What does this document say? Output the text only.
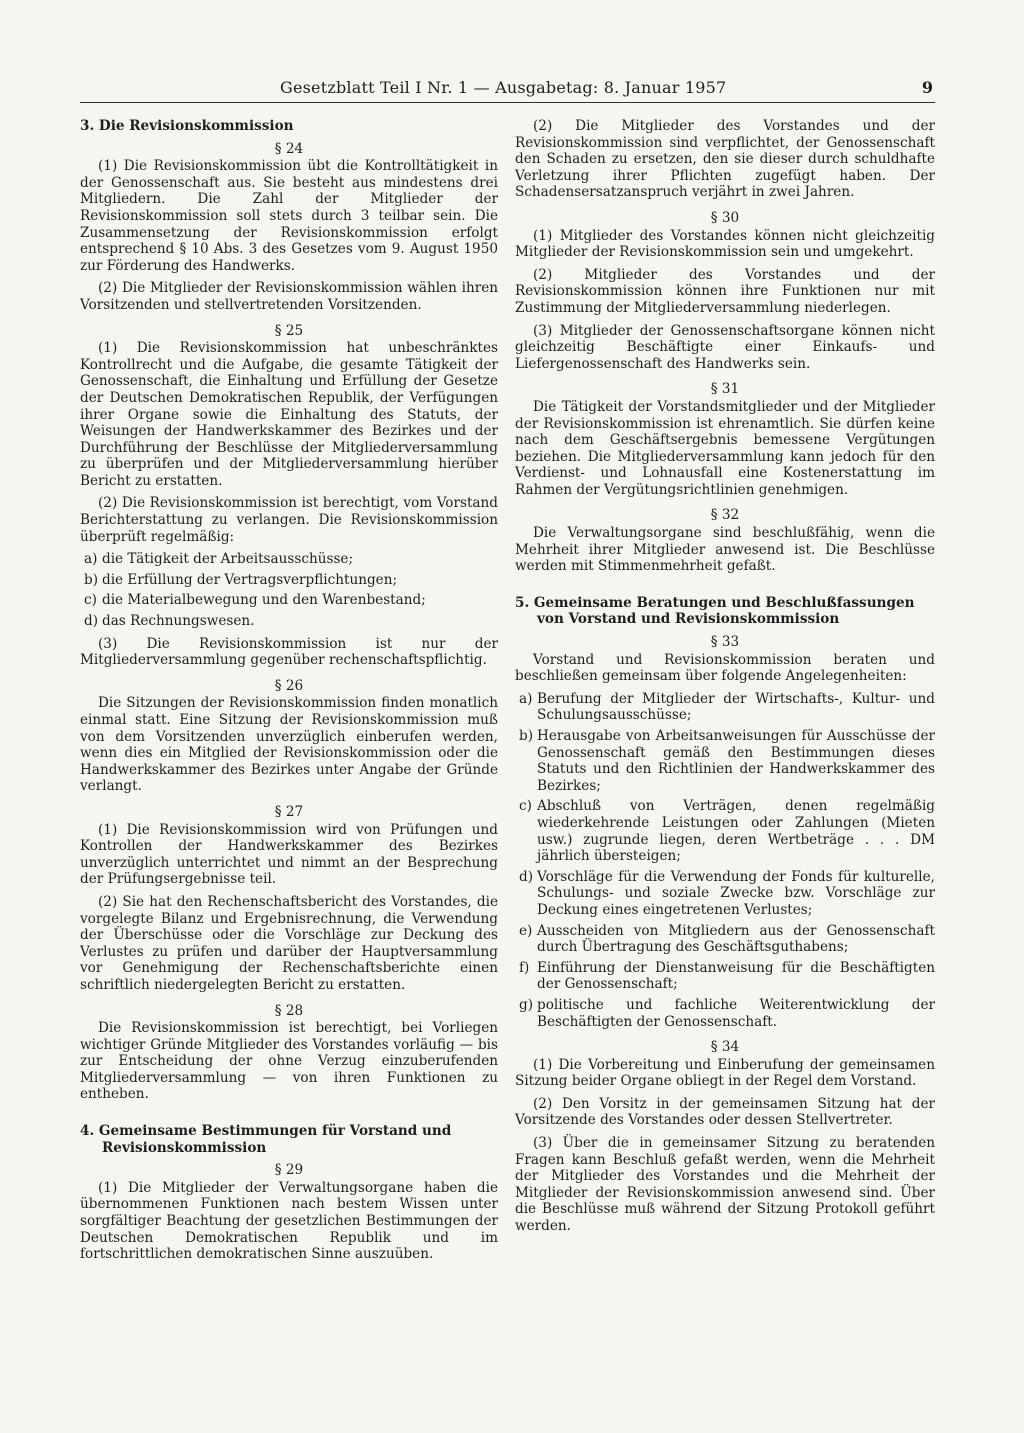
Gesetzblatt Teil I Nr. 1 — Ausgabetag: 8. Januar 1957	9

3. Die Revisionskommission

§ 24

(1) Die Revisionskommission übt die Kontrolltätigkeit in der Genossenschaft aus. Sie besteht aus mindestens drei Mitgliedern. Die Zahl der Mitglieder der Revisionskommission soll stets durch 3 teilbar sein. Die Zusammensetzung der Revisionskommission erfolgt entsprechend § 10 Abs. 3 des Gesetzes vom 9. August 1950 zur Förderung des Handwerks.

(2) Die Mitglieder der Revisionskommission wählen ihren Vorsitzenden und stellvertretenden Vorsitzenden.

§ 25

(1) Die Revisionskommission hat unbeschränktes Kontrollrecht und die Aufgabe, die gesamte Tätigkeit der Genossenschaft, die Einhaltung und Erfüllung der Gesetze der Deutschen Demokratischen Republik, der Verfügungen ihrer Organe sowie die Einhaltung des Statuts, der Weisungen der Handwerkskammer des Bezirkes und der Durchführung der Beschlüsse der Mitgliederversammlung zu überprüfen und der Mitgliederversammlung hierüber Bericht zu erstatten.

(2) Die Revisionskommission ist berechtigt, vom Vorstand Berichterstattung zu verlangen. Die Revisionskommission überprüft regelmäßig:

a) die Tätigkeit der Arbeitsausschüsse;
b) die Erfüllung der Vertragsverpflichtungen;
c) die Materialbewegung und den Warenbestand;
d) das Rechnungswesen.

(3) Die Revisionskommission ist nur der Mitgliederversammlung gegenüber rechenschaftspflichtig.

§ 26

Die Sitzungen der Revisionskommission finden monatlich einmal statt. Eine Sitzung der Revisionskommission muß von dem Vorsitzenden unverzüglich einberufen werden, wenn dies ein Mitglied der Revisionskommission oder die Handwerkskammer des Bezirkes unter Angabe der Gründe verlangt.

§ 27

(1) Die Revisionskommission wird von Prüfungen und Kontrollen der Handwerkskammer des Bezirkes unverzüglich unterrichtet und nimmt an der Besprechung der Prüfungsergebnisse teil.

(2) Sie hat den Rechenschaftsbericht des Vorstandes, die vorgelegte Bilanz und Ergebnisrechnung, die Verwendung der Überschüsse oder die Vorschläge zur Deckung des Verlustes zu prüfen und darüber der Hauptversammlung vor Genehmigung der Rechenschaftsberichte einen schriftlich niedergelegten Bericht zu erstatten.

§ 28

Die Revisionskommission ist berechtigt, bei Vorliegen wichtiger Gründe Mitglieder des Vorstandes vorläufig — bis zur Entscheidung der ohne Verzug einzuberufenden Mitgliederversammlung — von ihren Funktionen zu entheben.

4. Gemeinsame Bestimmungen für Vorstand und
Revisionskommission

§ 29

(1) Die Mitglieder der Verwaltungsorgane haben die übernommenen Funktionen nach bestem Wissen unter sorgfältiger Beachtung der gesetzlichen Bestimmungen der Deutschen Demokratischen Republik und im fortschrittlichen demokratischen Sinne auszuüben.

(2) Die Mitglieder des Vorstandes und der Revisionskommission sind verpflichtet, der Genossenschaft den Schaden zu ersetzen, den sie dieser durch schuldhafte Verletzung ihrer Pflichten zugefügt haben. Der Schadensersatzanspruch verjährt in zwei Jahren.

§ 30

(1) Mitglieder des Vorstandes können nicht gleichzeitig Mitglieder der Revisionskommission sein und umgekehrt.

(2) Mitglieder des Vorstandes und der Revisionskommission können ihre Funktionen nur mit Zustimmung der Mitgliederversammlung niederlegen.

(3) Mitglieder der Genossenschaftsorgane können nicht gleichzeitig Beschäftigte einer Einkaufs- und Liefergenossenschaft des Handwerks sein.

§ 31

Die Tätigkeit der Vorstandsmitglieder und der Mitglieder der Revisionskommission ist ehrenamtlich. Sie dürfen keine nach dem Geschäftsergebnis bemessene Vergütungen beziehen. Die Mitgliederversammlung kann jedoch für den Verdienst- und Lohnausfall eine Kostenerstattung im Rahmen der Vergütungsrichtlinien genehmigen.

§ 32

Die Verwaltungsorgane sind beschlußfähig, wenn die Mehrheit ihrer Mitglieder anwesend ist. Die Beschlüsse werden mit Stimmenmehrheit gefaßt.

5. Gemeinsame Beratungen und Beschlußfassungen
von Vorstand und Revisionskommission

§ 33

Vorstand und Revisionskommission beraten und beschließen gemeinsam über folgende Angelegenheiten:

a) Berufung der Mitglieder der Wirtschafts-, Kultur- und Schulungsausschüsse;
b) Herausgabe von Arbeitsanweisungen für Ausschüsse der Genossenschaft gemäß den Bestimmungen dieses Statuts und den Richtlinien der Handwerkskammer des Bezirkes;
c) Abschluß von Verträgen, denen regelmäßig wiederkehrende Leistungen oder Zahlungen (Mieten usw.) zugrunde liegen, deren Wertbeträge . . . DM jährlich übersteigen;
d) Vorschläge für die Verwendung der Fonds für kulturelle, Schulungs- und soziale Zwecke bzw. Vorschläge zur Deckung eines eingetretenen Verlustes;
e) Ausscheiden von Mitgliedern aus der Genossenschaft durch Übertragung des Geschäftsguthabens;
f) Einführung der Dienstanweisung für die Beschäftigten der Genossenschaft;
g) politische und fachliche Weiterentwicklung der Beschäftigten der Genossenschaft.
§ 34

(1) Die Vorbereitung und Einberufung der gemeinsamen Sitzung beider Organe obliegt in der Regel dem Vorstand.

(2) Den Vorsitz in der gemeinsamen Sitzung hat der Vorsitzende des Vorstandes oder dessen Stellvertreter.

(3) Über die in gemeinsamer Sitzung zu beratenden Fragen kann Beschluß gefaßt werden, wenn die Mehrheit der Mitglieder des Vorstandes und die Mehrheit der Mitglieder der Revisionskommission anwesend sind. Über die Beschlüsse muß während der Sitzung Protokoll geführt werden.
